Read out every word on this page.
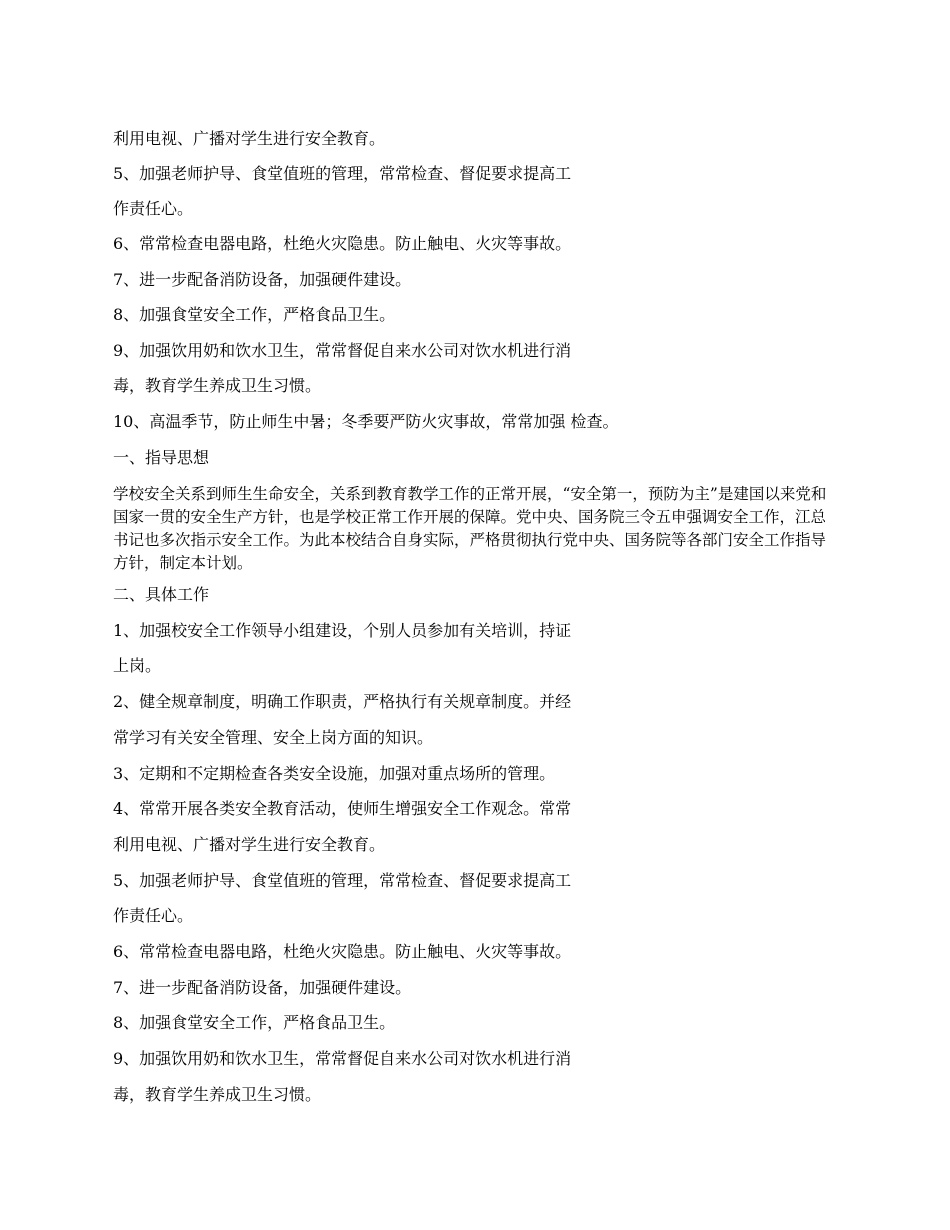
利用电视、广播对学生进行安全教育。
5、加强老师护导、食堂值班的管理，常常检查、督促要求提高工
作责任心。
6、常常检查电器电路，杜绝火灾隐患。防止触电、火灾等事故。
7、进一步配备消防设备，加强硬件建设。
8、加强食堂安全工作，严格食品卫生。
9、加强饮用奶和饮水卫生，常常督促自来水公司对饮水机进行消
毒，教育学生养成卫生习惯。
10、高温季节，防止师生中暑；冬季要严防火灾事故，常常加强 检查。
一、指导思想
学校安全关系到师生生命安全，关系到教育教学工作的正常开展，“安全第一，预防为主”是建国以来党和国家一贯的安全生产方针，也是学校正常工作开展的保障。党中央、国务院三令五申强调安全工作，江总书记也多次指示安全工作。为此本校结合自身实际，严格贯彻执行党中央、国务院等各部门安全工作指导方针，制定本计划。
二、具体工作
1、加强校安全工作领导小组建设，个别人员参加有关培训，持证
上岗。
2、健全规章制度，明确工作职责，严格执行有关规章制度。并经
常学习有关安全管理、安全上岗方面的知识。
3、定期和不定期检查各类安全设施，加强对重点场所的管理。
4、常常开展各类安全教育活动，使师生增强安全工作观念。常常
利用电视、广播对学生进行安全教育。
5、加强老师护导、食堂值班的管理，常常检查、督促要求提高工
作责任心。
6、常常检查电器电路，杜绝火灾隐患。防止触电、火灾等事故。
7、进一步配备消防设备，加强硬件建设。
8、加强食堂安全工作，严格食品卫生。
9、加强饮用奶和饮水卫生，常常督促自来水公司对饮水机进行消
毒，教育学生养成卫生习惯。
